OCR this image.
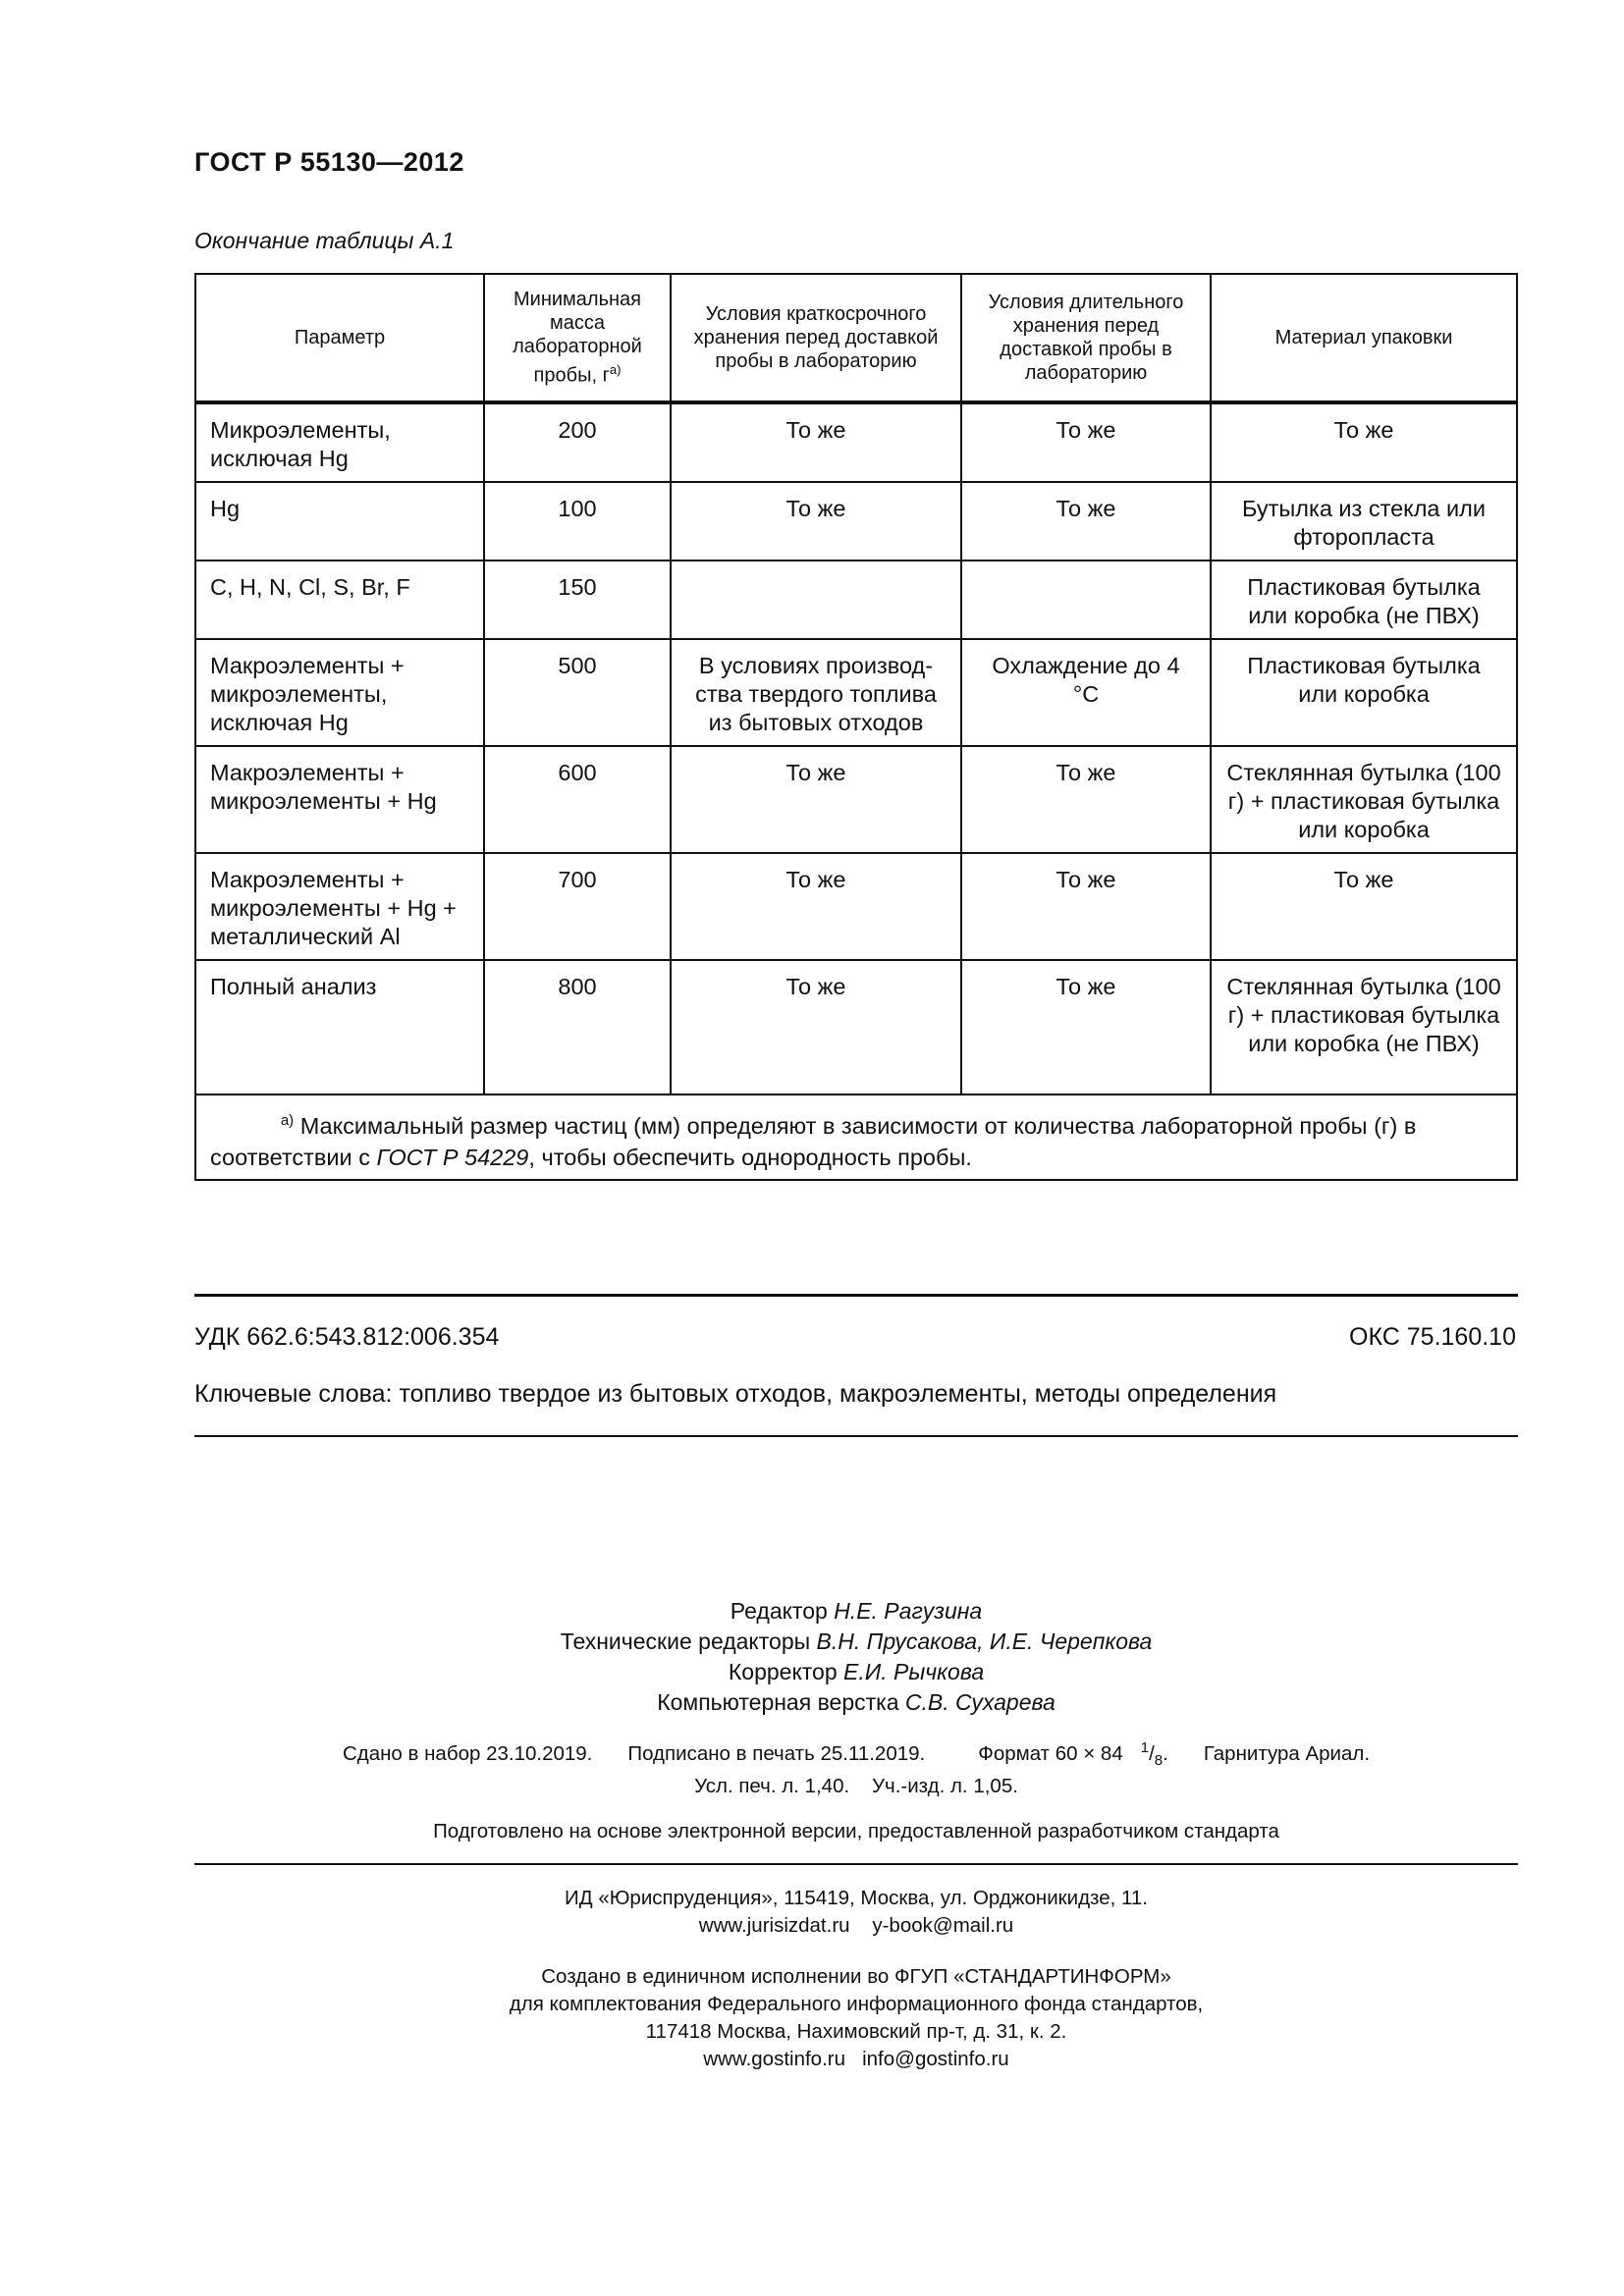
ГОСТ Р 55130—2012
Окончание таблицы А.1
Параметр	Минимальная масса лабораторной пробы, $г^{а)}$	Условия краткосрочного хранения перед доставкой пробы в лабораторию	Условия длительного хранения перед доставкой пробы в лабораторию	Материал упаковки
Микроэлементы, исключая Hg	200	То же	То же	То же
Hg	100	То же	То же	Бутылка из стекла или фторопласта
C, H, N, Cl, S, Br, F	150			Пластиковая бутылка или коробка (не ПВХ)
Макроэлементы + микроэлементы, исключая Hg	500	В условиях производ-ства твердого топлива из бытовых отходов	Охлаждение до 4 °C	Пластиковая бутылка или коробка
Макроэлементы + микроэлементы + Hg	600	То же	То же	Стеклянная бутылка (100 г) + пластиковая бутылка или коробка
Макроэлементы + микроэлементы + Hg + металлический Al	700	То же	То же	То же
Полный анализ	800	То же	То же	Стеклянная бутылка (100 г) + пластиковая бутылка или коробка (не ПВХ)
$^{а)}$ Максимальный размер частиц (мм) определяют в зависимости от количества лабораторной пробы (г) в соответствии с ГОСТ Р 54229, чтобы обеспечить однородность пробы.				
УДК 662.6:543.812:006.354	ОКС 75.160.10
Ключевые слова: топливо твердое из бытовых отходов, макроэлементы, методы определения
Редактор Н.Е. Рагузина
Технические редакторы В.Н. Прусакова, И.Е. Черепкова
Корректор Е.И. Рычкова
Компьютерная верстка С.В. Сухарева
Сдано в набор 23.10.2019. Подписано в печать 25.11.2019.	Формат 60 × 84 $^1/_8$. Гарнитура Ариал.
Усл. печ. л. 1,40. Уч.-изд. л. 1,05.
Подготовлено на основе электронной версии, предоставленной разработчиком стандарта
ИД «Юриспруденция», 115419, Москва, ул. Орджоникидзе, 11.
www.jurisizdat.ru y-book@mail.ru
Создано в единичном исполнении во ФГУП «СТАНДАРТИНФОРМ»
для комплектования Федерального информационного фонда стандартов,
117418 Москва, Нахимовский пр-т, д. 31, к. 2.
www.gostinfo.ru info@gostinfo.ru
